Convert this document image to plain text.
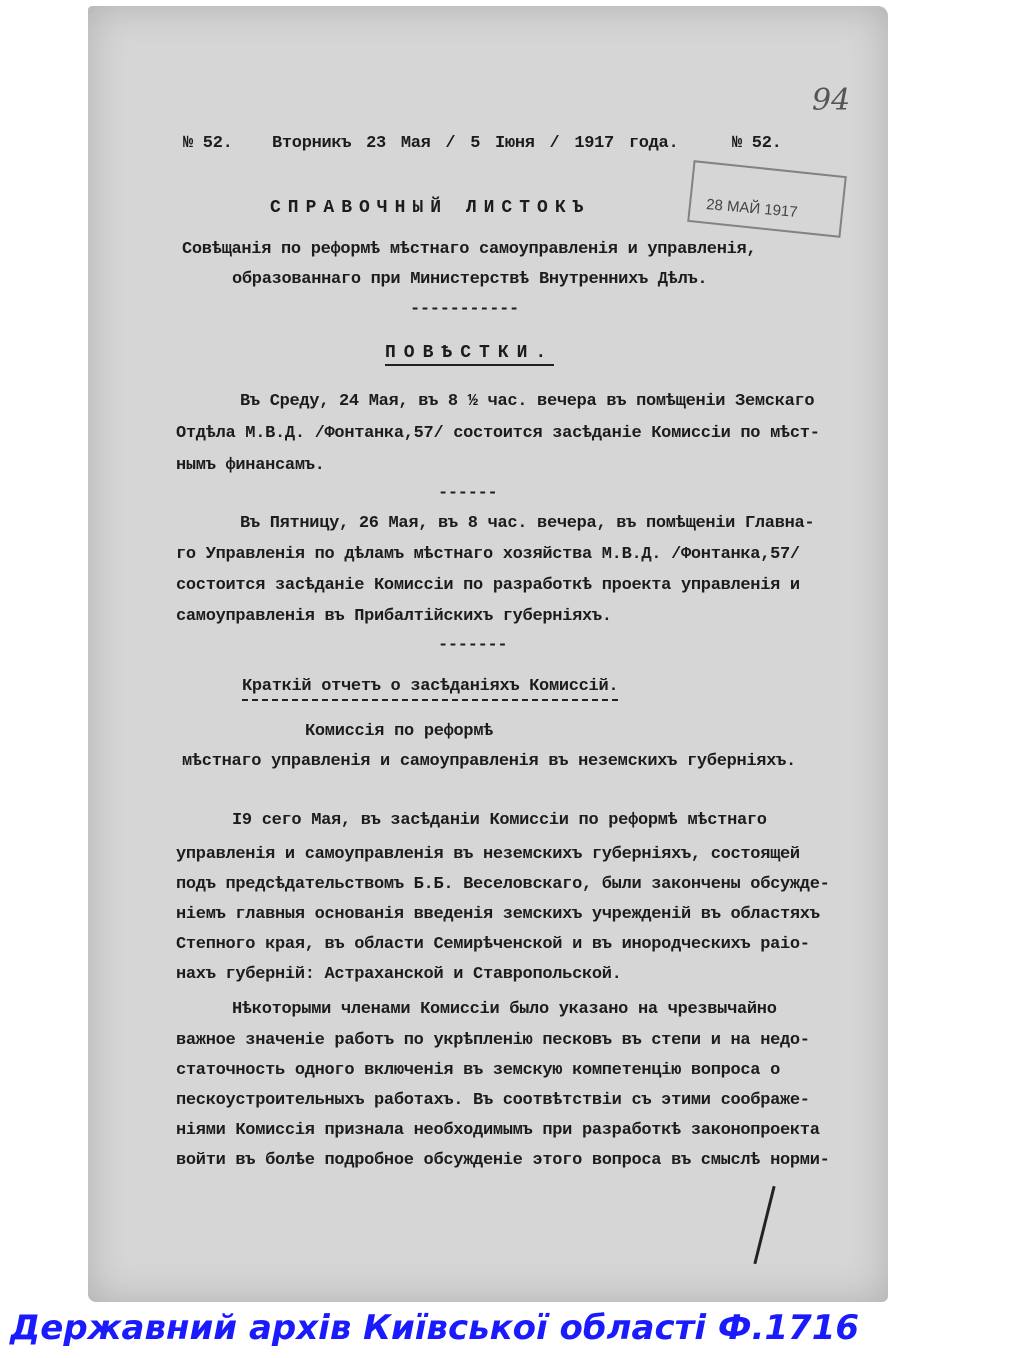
94
28 МАЙ 1917
№ 52. Вторникъ 23 Мая / 5 Іюня / 1917 года.	№ 52.
СПРАВОЧНЫЙ ЛИСТОКЪ
Совѣщанія по реформѣ мѣстнаго самоуправленія и управленія,
образованнаго при Министерствѣ Внутреннихъ Дѣлъ.
-----------
ПОВѢСТКИ.
Въ Среду, 24 Мая, въ 8 ½ час. вечера въ помѣщеніи Земскаго
Отдѣла М.В.Д. /Фонтанка,57/ состоится засѣданіе Комиссіи по мѣст-
нымъ финансамъ.
------
Въ Пятницу, 26 Мая, въ 8 час. вечера, въ помѣщеніи Главна-
го Управленія по дѣламъ мѣстнаго хозяйства М.В.Д. /Фонтанка,57/
состоится засѣданіе Комиссіи по разработкѣ проекта управленія и
самоуправленія въ Прибалтійскихъ губерніяхъ.
-------
Краткій отчетъ о засѣданіяхъ Комиссій.
Комиссія по реформѣ
мѣстнаго управленія и самоуправленія въ неземскихъ губерніяхъ.
I9 сего Мая, въ засѣданіи Комиссіи по реформѣ мѣстнаго
управленія и самоуправленія въ неземскихъ губерніяхъ, состоящей
подъ предсѣдательствомъ Б.Б. Веселовскаго, были закончены обсужде-
ніемъ главныя основанія введенія земскихъ учрежденій въ областяхъ
Степного края, въ области Семирѣченской и въ инородческихъ раіо-
нахъ губерній: Астраханской и Ставропольской.
Нѣкоторыми членами Комиссіи было указано на чрезвычайно
важное значеніе работъ по укрѣпленію песковъ въ степи и на недо-
статочность одного включенія въ земскую компетенцію вопроса о
пескоустроительныхъ работахъ. Въ соотвѣтствіи съ этими соображе-
ніями Комиссія признала необходимымъ при разработкѣ законопроекта
войти въ болѣе подробное обсужденіе этого вопроса въ смыслѣ норми-
Державний архів Київської області Ф.1716
